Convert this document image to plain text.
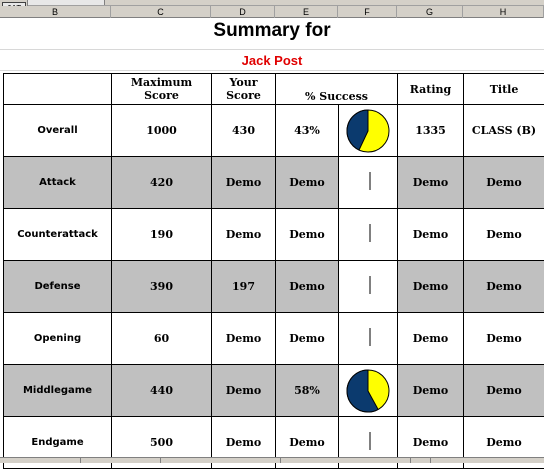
B	C	D	E	F	G	H
Summary for
Jack Post
	Maximum Score	Your Score	% Success		Rating	Title
Overall	1000	430	43%		1335	CLASS (B)
Attack	420	Demo	Demo		Demo	Demo
Counterattack	190	Demo	Demo		Demo	Demo
Defense	390	197	Demo		Demo	Demo
Opening	60	Demo	Demo		Demo	Demo
Middlegame	440	Demo	58%		Demo	Demo
Endgame	500	Demo	Demo		Demo	Demo
